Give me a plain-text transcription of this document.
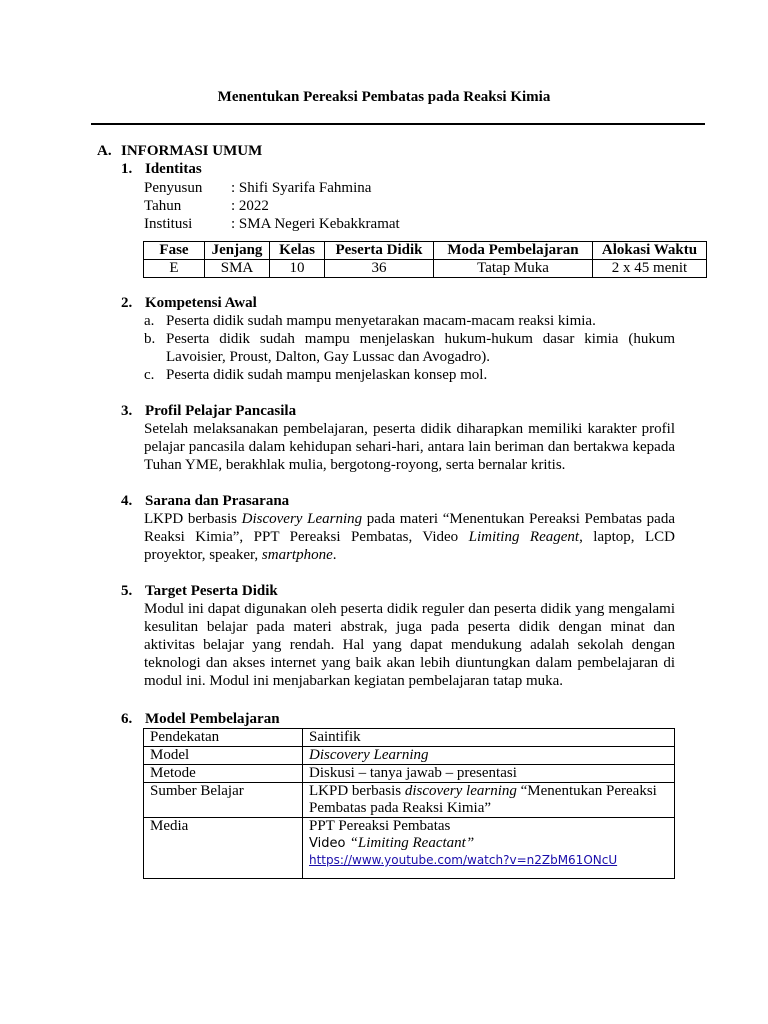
Menentukan Pereaksi Pembatas pada Reaksi Kimia
A. INFORMASI UMUM
1. Identitas
Penyusun : Shifi Syarifa Fahmina
Tahun	: 2022
Institusi	: SMA Negeri Kebakkramat
Fase	Jenjang	Kelas	Peserta Didik	Moda Pembelajaran	Alokasi Waktu
E	SMA	10	36	Tatap Muka	2 x 45 menit
2. Kompetensi Awal
a. Peserta didik sudah mampu menyetarakan macam-macam reaksi kimia.
b. Peserta didik sudah mampu menjelaskan hukum-hukum dasar kimia (hukum Lavoisier, Proust, Dalton, Gay Lussac dan Avogadro).
c. Peserta didik sudah mampu menjelaskan konsep mol.
3. Profil Pelajar Pancasila
Setelah melaksanakan pembelajaran, peserta didik diharapkan memiliki karakter profil pelajar pancasila dalam kehidupan sehari-hari, antara lain beriman dan bertakwa kepada Tuhan YME, berakhlak mulia, bergotong-royong, serta bernalar kritis.
4. Sarana dan Prasarana
LKPD berbasis Discovery Learning pada materi “Menentukan Pereaksi Pembatas pada Reaksi Kimia”, PPT Pereaksi Pembatas, Video Limiting Reagent, laptop, LCD proyektor, speaker, smartphone.
5. Target Peserta Didik
Modul ini dapat digunakan oleh peserta didik reguler dan peserta didik yang mengalami kesulitan belajar pada materi abstrak, juga pada peserta didik dengan minat dan aktivitas belajar yang rendah. Hal yang dapat mendukung adalah sekolah dengan teknologi dan akses internet yang baik akan lebih diuntungkan dalam pembelajaran di modul ini. Modul ini menjabarkan kegiatan pembelajaran tatap muka.
6. Model Pembelajaran
Pendekatan	Saintifik
Model	Discovery Learning
Metode	Diskusi – tanya jawab – presentasi
Sumber Belajar	LKPD berbasis discovery learning “Menentukan Pereaksi Pembatas pada Reaksi Kimia”
Media	PPT Pereaksi Pembatas
Video “Limiting Reactant”
https://www.youtube.com/watch?v=n2ZbM61ONcU
